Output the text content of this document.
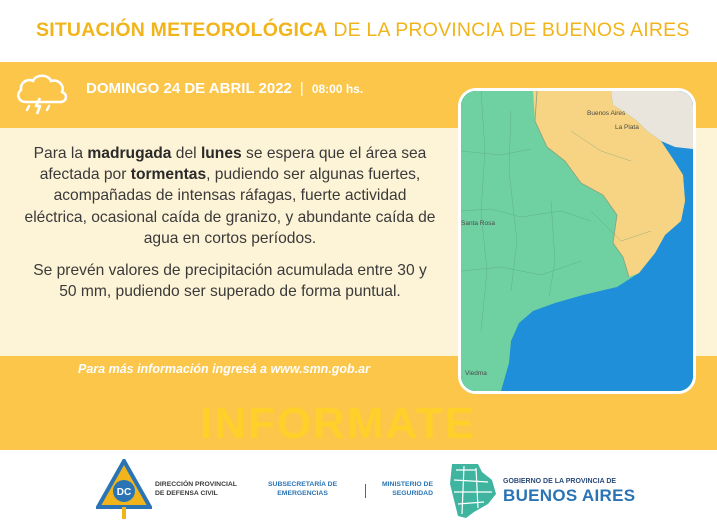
SITUACIÓN METEOROLÓGICA DE LA PROVINCIA DE BUENOS AIRES
DOMINGO 24 DE ABRIL 2022 | 08:00 hs.

Para la madrugada del lunes se espera que el área sea afectada por tormentas, pudiendo ser algunas fuertes, acompañadas de intensas ráfagas, fuerte actividad eléctrica, ocasional caída de granizo, y abundante caída de agua en cortos períodos.

Se prevén valores de precipitación acumulada entre 30 y 50 mm, pudiendo ser superado de forma puntual.

Para más información ingresá a www.smn.gob.ar
INFORMATE
Buenos Aires
La Plata
Santa Rosa
Viedma
DC
DIRECCIÓN PROVINCIAL
DE DEFENSA CIVIL
SUBSECRETARÍA DE
EMERGENCIAS
MINISTERIO DE
SEGURIDAD
GOBIERNO DE LA PROVINCIA DE
BUENOS AIRES
